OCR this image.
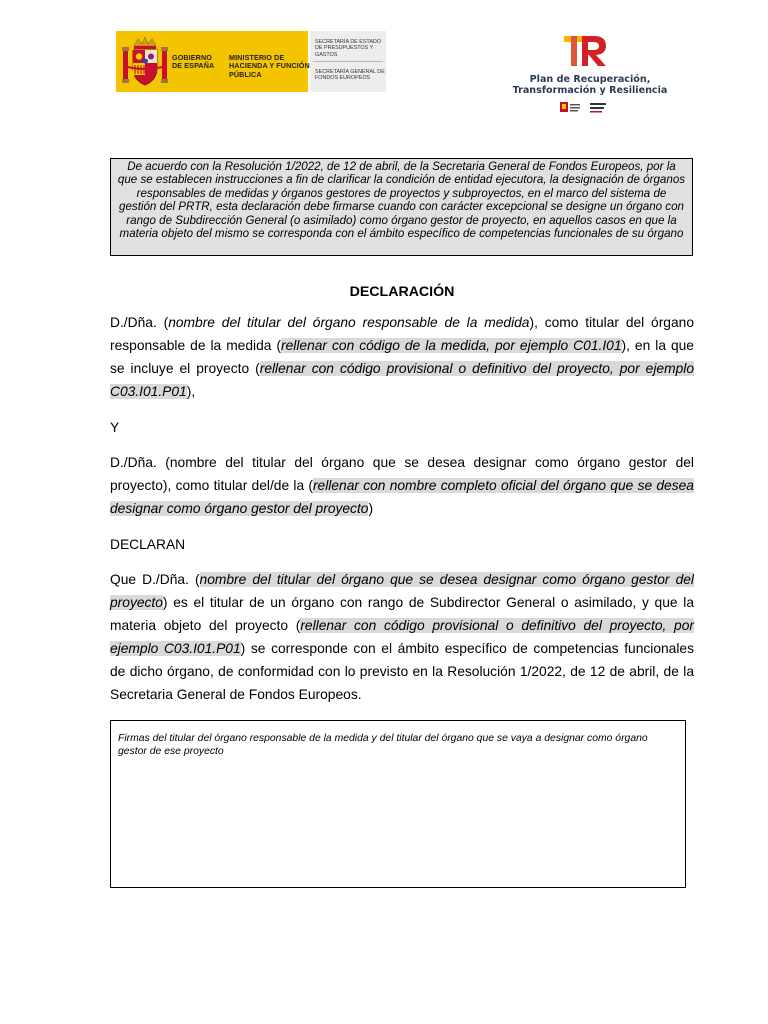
GOBIERNO DE ESPAÑA
MINISTERIO DE HACIENDA Y FUNCIÓN PÚBLICA
SECRETARÍA DE ESTADO DE PRESUPUESTOS Y GASTOS
SECRETARÍA GENERAL DE FONDOS EUROPEOS	Plan de Recuperación,
Transformación y Resiliencia
De acuerdo con la Resolución 1/2022, de 12 de abril, de la Secretaria General de Fondos Europeos, por la que se establecen instrucciones a fin de clarificar la condición de entidad ejecutora, la designación de órganos responsables de medidas y órganos gestores de proyectos y subproyectos, en el marco del sistema de gestión del PRTR, esta declaración debe firmarse cuando con carácter excepcional se designe un órgano con rango de Subdirección General (o asimilado) como órgano gestor de proyecto, en aquellos casos en que la materia objeto del mismo se corresponda con el ámbito específico de competencias funcionales de su órgano
DECLARACIÓN
D./Dña. (nombre del titular del órgano responsable de la medida), como titular del órgano responsable de la medida (rellenar con código de la medida, por ejemplo C01.I01), en la que se incluye el proyecto (rellenar con código provisional o definitivo del proyecto, por ejemplo C03.I01.P01),
Y
D./Dña. (nombre del titular del órgano que se desea designar como órgano gestor del proyecto), como titular del/de la (rellenar con nombre completo oficial del órgano que se desea designar como órgano gestor del proyecto)
DECLARAN
Que D./Dña. (nombre del titular del órgano que se desea designar como órgano gestor del proyecto) es el titular de un órgano con rango de Subdirector General o asimilado, y que la materia objeto del proyecto (rellenar con código provisional o definitivo del proyecto, por ejemplo C03.I01.P01) se corresponde con el ámbito específico de competencias funcionales de dicho órgano, de conformidad con lo previsto en la Resolución 1/2022, de 12 de abril, de la Secretaria General de Fondos Europeos.
Firmas del titular del órgano responsable de la medida y del titular del órgano que se vaya a designar como órgano gestor de ese proyecto
